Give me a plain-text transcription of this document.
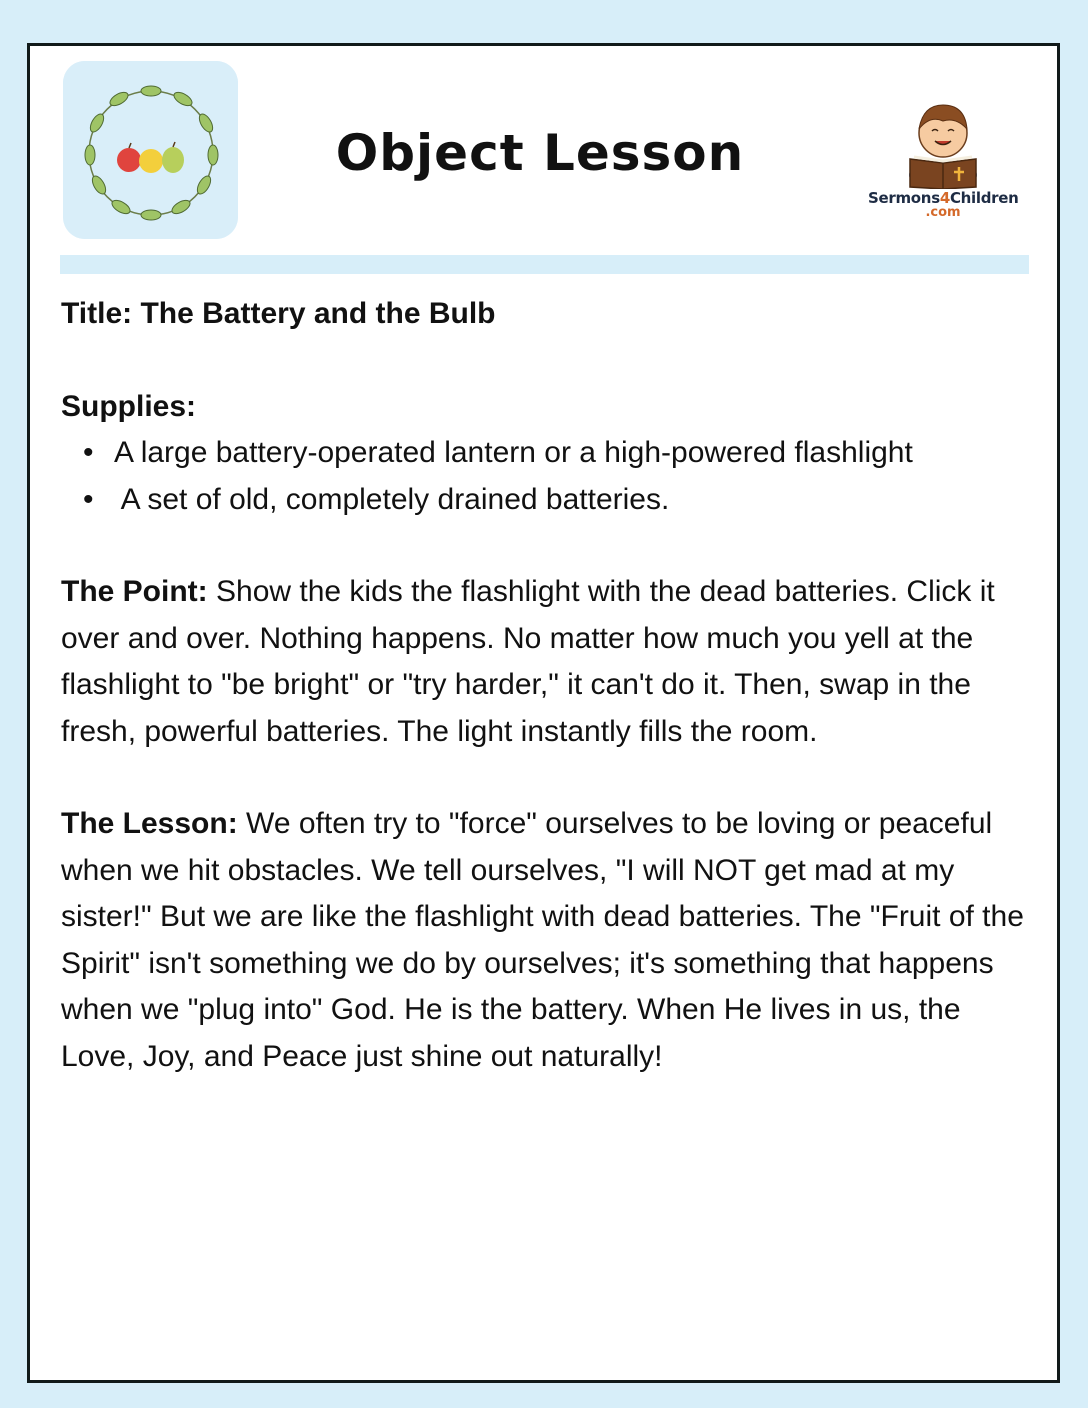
Object Lesson
Sermons4Children
.com

Title: The Battery and the Bulb

Supplies:

• A large battery-operated lantern or a high-powered flashlight
•  A set of old, completely drained batteries.

The Point: Show the kids the flashlight with the dead batteries. Click it over and over. Nothing happens. No matter how much you yell at the flashlight to "be bright" or "try harder," it can't do it. Then, swap in the fresh, powerful batteries. The light instantly fills the room.

The Lesson: We often try to "force" ourselves to be loving or peaceful when we hit obstacles. We tell ourselves, "I will NOT get mad at my sister!" But we are like the flashlight with dead batteries. The "Fruit of the Spirit" isn't something we do by ourselves; it's something that happens when we "plug into" God. He is the battery. When He lives in us, the Love, Joy, and Peace just shine out naturally!
